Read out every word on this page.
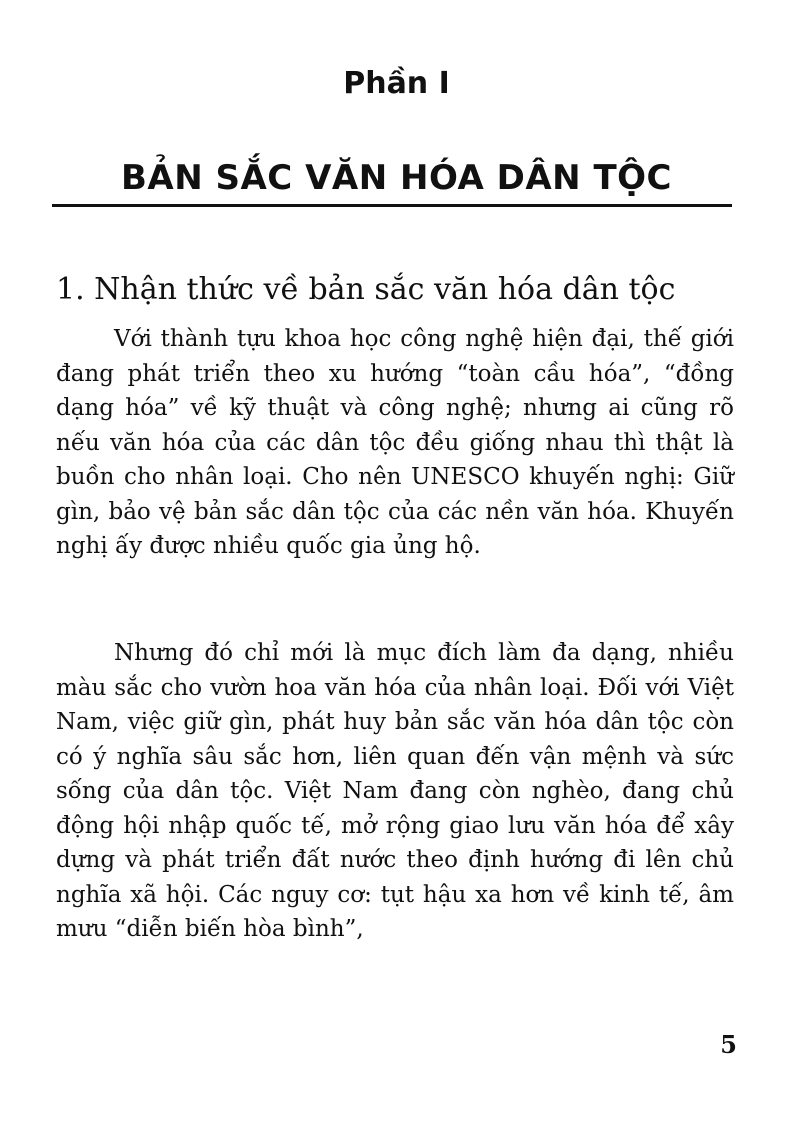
Phần I
BẢN SẮC VĂN HÓA DÂN TỘC
1. Nhận thức về bản sắc văn hóa dân tộc

Với thành tựu khoa học công nghệ hiện đại, thế giới đang phát triển theo xu hướng “toàn cầu hóa”, “đồng dạng hóa” về kỹ thuật và công nghệ; nhưng ai cũng rõ nếu văn hóa của các dân tộc đều giống nhau thì thật là buồn cho nhân loại. Cho nên UNESCO khuyến nghị: Giữ gìn, bảo vệ bản sắc dân tộc của các nền văn hóa. Khuyến nghị ấy được nhiều quốc gia ủng hộ.

Nhưng đó chỉ mới là mục đích làm đa dạng, nhiều màu sắc cho vườn hoa văn hóa của nhân loại. Đối với Việt Nam, việc giữ gìn, phát huy bản sắc văn hóa dân tộc còn có ý nghĩa sâu sắc hơn, liên quan đến vận mệnh và sức sống của dân tộc. Việt Nam đang còn nghèo, đang chủ động hội nhập quốc tế, mở rộng giao lưu văn hóa để xây dựng và phát triển đất nước theo định hướng đi lên chủ nghĩa xã hội. Các nguy cơ: tụt hậu xa hơn về kinh tế, âm mưu “diễn biến hòa bình”,

5
